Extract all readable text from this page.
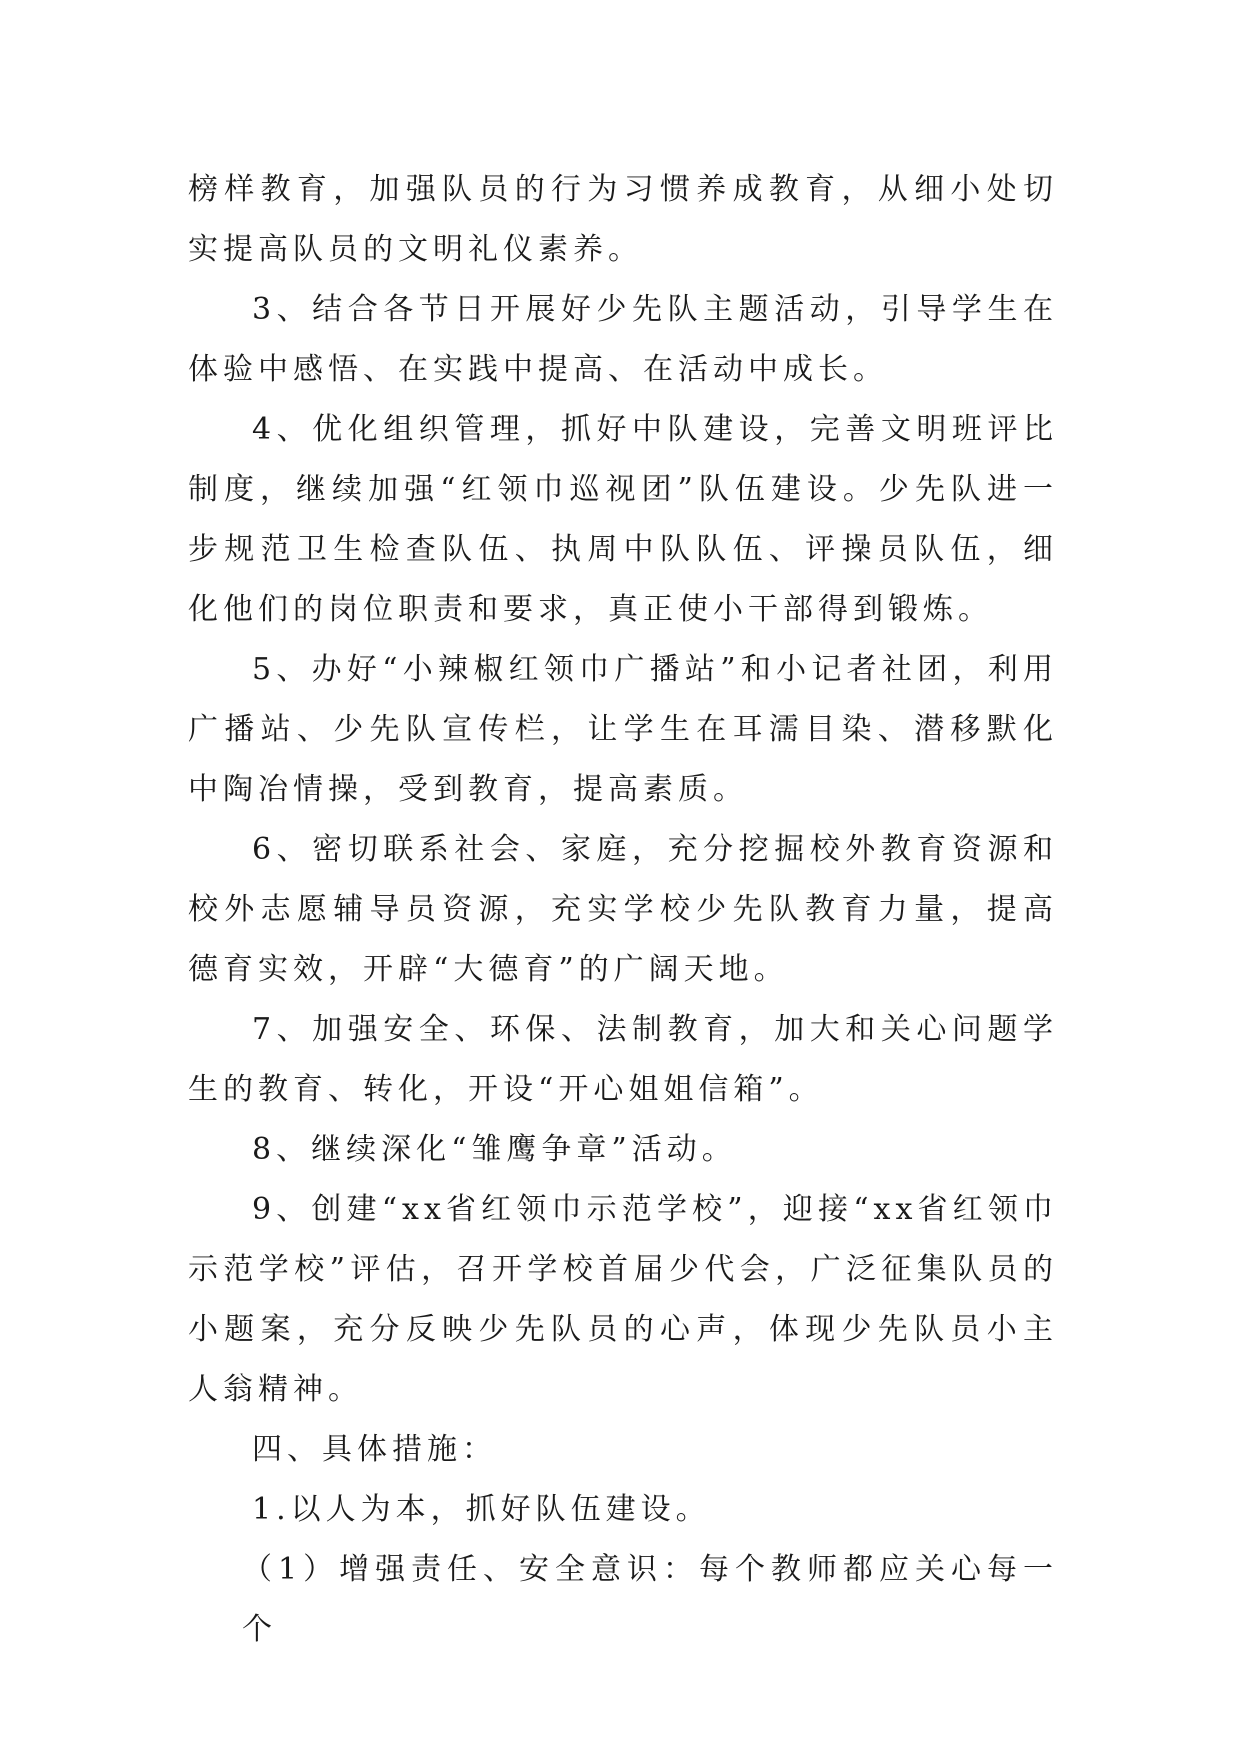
榜样教育，加强队员的行为习惯养成教育，从细小处切实提高队员的文明礼仪素养。

3、结合各节日开展好少先队主题活动，引导学生在体验中感悟、在实践中提高、在活动中成长。

4、优化组织管理，抓好中队建设，完善文明班评比制度，继续加强“红领巾巡视团”队伍建设。少先队进一步规范卫生检查队伍、执周中队队伍、评操员队伍，细化他们的岗位职责和要求，真正使小干部得到锻炼。

5、办好“小辣椒红领巾广播站”和小记者社团，利用广播站、少先队宣传栏，让学生在耳濡目染、潜移默化中陶冶情操，受到教育，提高素质。

6、密切联系社会、家庭，充分挖掘校外教育资源和校外志愿辅导员资源，充实学校少先队教育力量，提高德育实效，开辟“大德育”的广阔天地。

7、加强安全、环保、法制教育，加大和关心问题学生的教育、转化，开设“开心姐姐信箱”。

8、继续深化“雏鹰争章”活动。

9、创建“xx省红领巾示范学校”，迎接“xx省红领巾示范学校”评估，召开学校首届少代会，广泛征集队员的小题案，充分反映少先队员的心声，体现少先队员小主人翁精神。

四、具体措施：

1.以人为本，抓好队伍建设。

（1）增强责任、安全意识：每个教师都应关心每一个
